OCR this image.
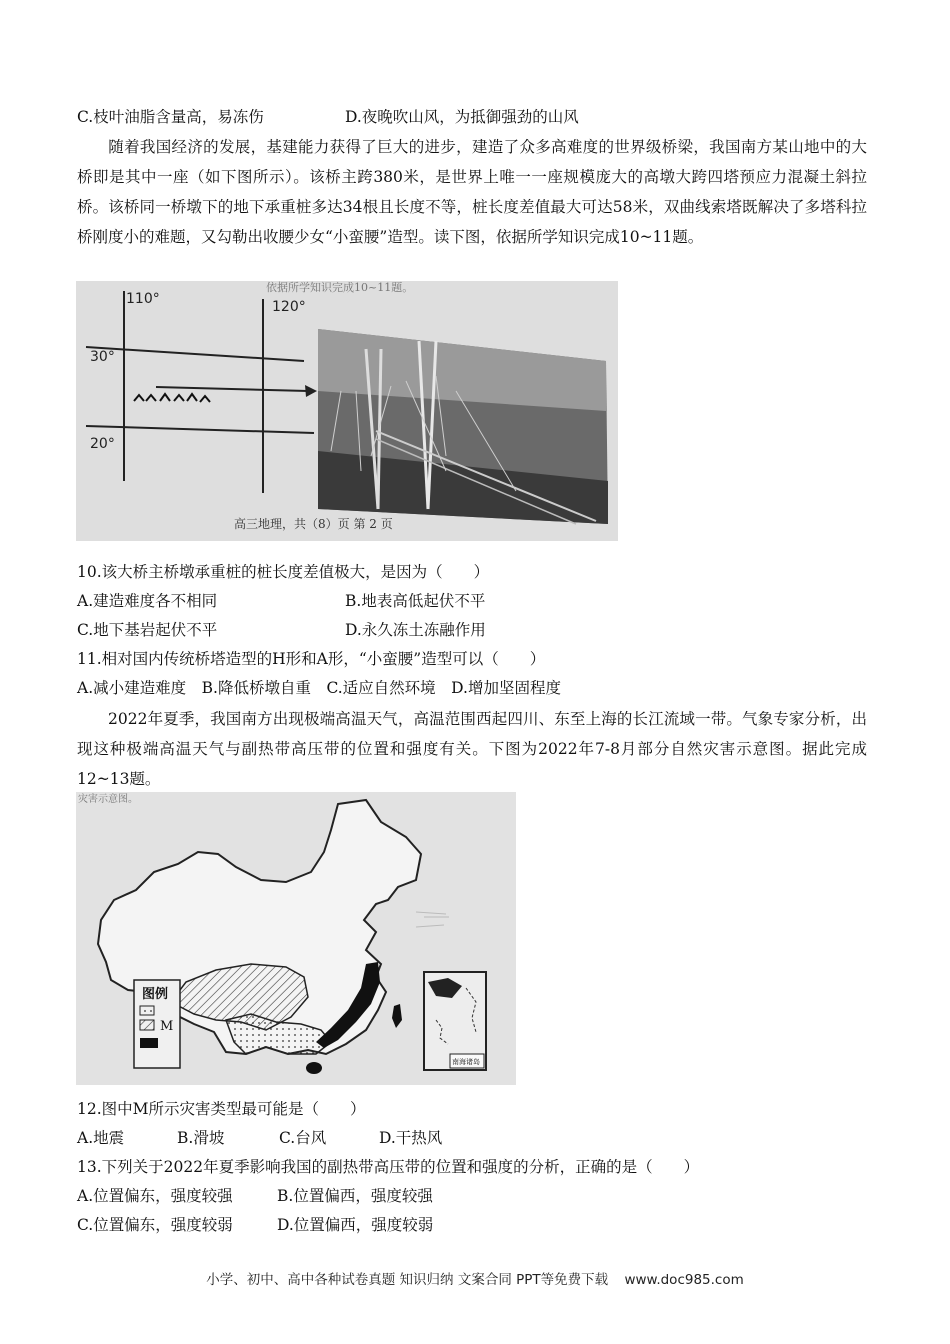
C.枝叶油脂含量高，易冻伤	D.夜晚吹山风，为抵御强劲的山风
随着我国经济的发展，基建能力获得了巨大的进步，建造了众多高难度的世界级桥梁，我国南方某山地中的大桥即是其中一座（如下图所示）。该桥主跨380米，是世界上唯一一座规模庞大的高墩大跨四塔预应力混凝土斜拉桥。该桥同一桥墩下的地下承重桩多达34根且长度不等，桩长度差值最大可达58米，双曲线索塔既解决了多塔科拉桥刚度小的难题，又勾勒出收腰少女“小蛮腰”造型。读下图，依据所学知识完成10~11题。
依据所学知识完成10~11题。
110°	120°
30°
20°
高三地理，共（8）页 第 2 页
10.该大桥主桥墩承重桩的桩长度差值极大，是因为（　　）
A.建造难度各不相同	B.地表高低起伏不平
C.地下基岩起伏不平	D.永久冻土冻融作用
11.相对国内传统桥塔造型的H形和A形，“小蛮腰”造型可以（　　）
A.减小建造难度　B.降低桥墩自重　C.适应自然环境　D.增加坚固程度
2022年夏季，我国南方出现极端高温天气，高温范围西起四川、东至上海的长江流域一带。气象专家分析，出现这种极端高温天气与副热带高压带的位置和强度有关。下图为2022年7-8月部分自然灾害示意图。据此完成12~13题。
灾害示意图。
图例
M
南海诸岛
12.图中M所示灾害类型最可能是（　　）
A.地震	B.滑坡	C.台风	D.干热风
13.下列关于2022年夏季影响我国的副热带高压带的位置和强度的分析，正确的是（　　）
A.位置偏东，强度较强	B.位置偏西，强度较强
C.位置偏东，强度较弱	D.位置偏西，强度较弱
小学、初中、高中各种试卷真题 知识归纳 文案合同 PPT等免费下载 www.doc985.com
